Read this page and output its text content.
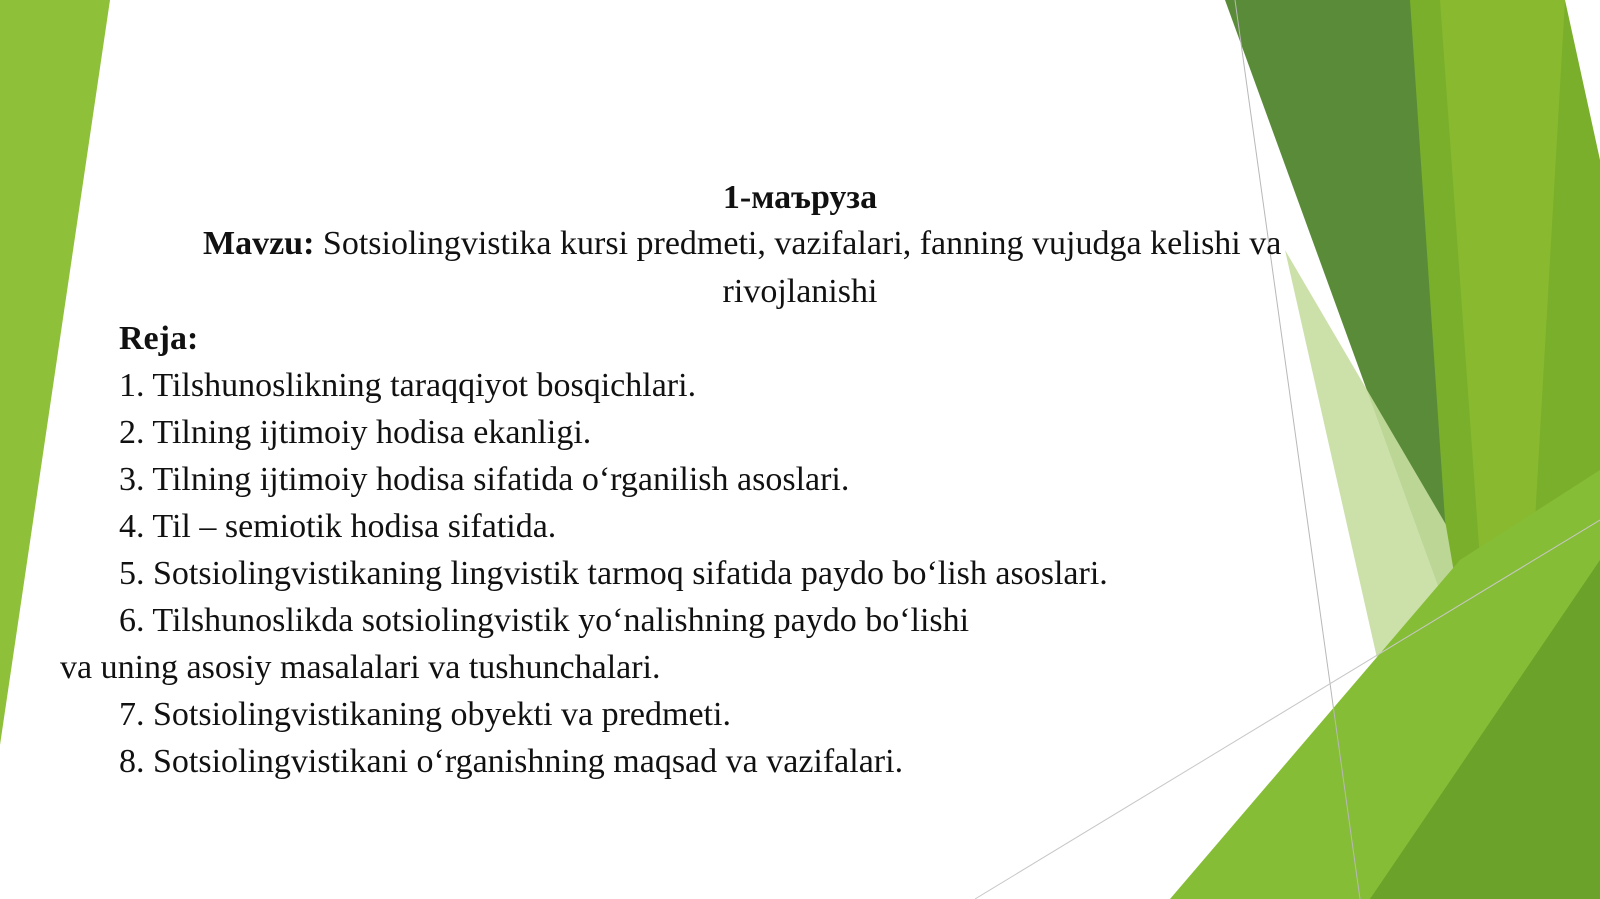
1-маъруза
Mavzu: Sotsiolingvistika kursi predmeti, vazifalari, fanning vujudga kelishi va
rivojlanishi
Reja:
1. Tilshunoslikning taraqqiyot bosqichlari.
2. Tilning ijtimoiy hodisa ekanligi.
3. Tilning ijtimoiy hodisa sifatida o‘rganilish asoslari.
4. Til – semiotik hodisa sifatida.
5. Sotsiolingvistikaning lingvistik tarmoq sifatida paydo bo‘lish asoslari.
6. Tilshunoslikda sotsiolingvistik yo‘nalishning paydo bo‘lishi
va uning asosiy masalalari va tushunchalari.
7. Sotsiolingvistikaning obyekti va predmeti.
8. Sotsiolingvistikani o‘rganishning maqsad va vazifalari.
